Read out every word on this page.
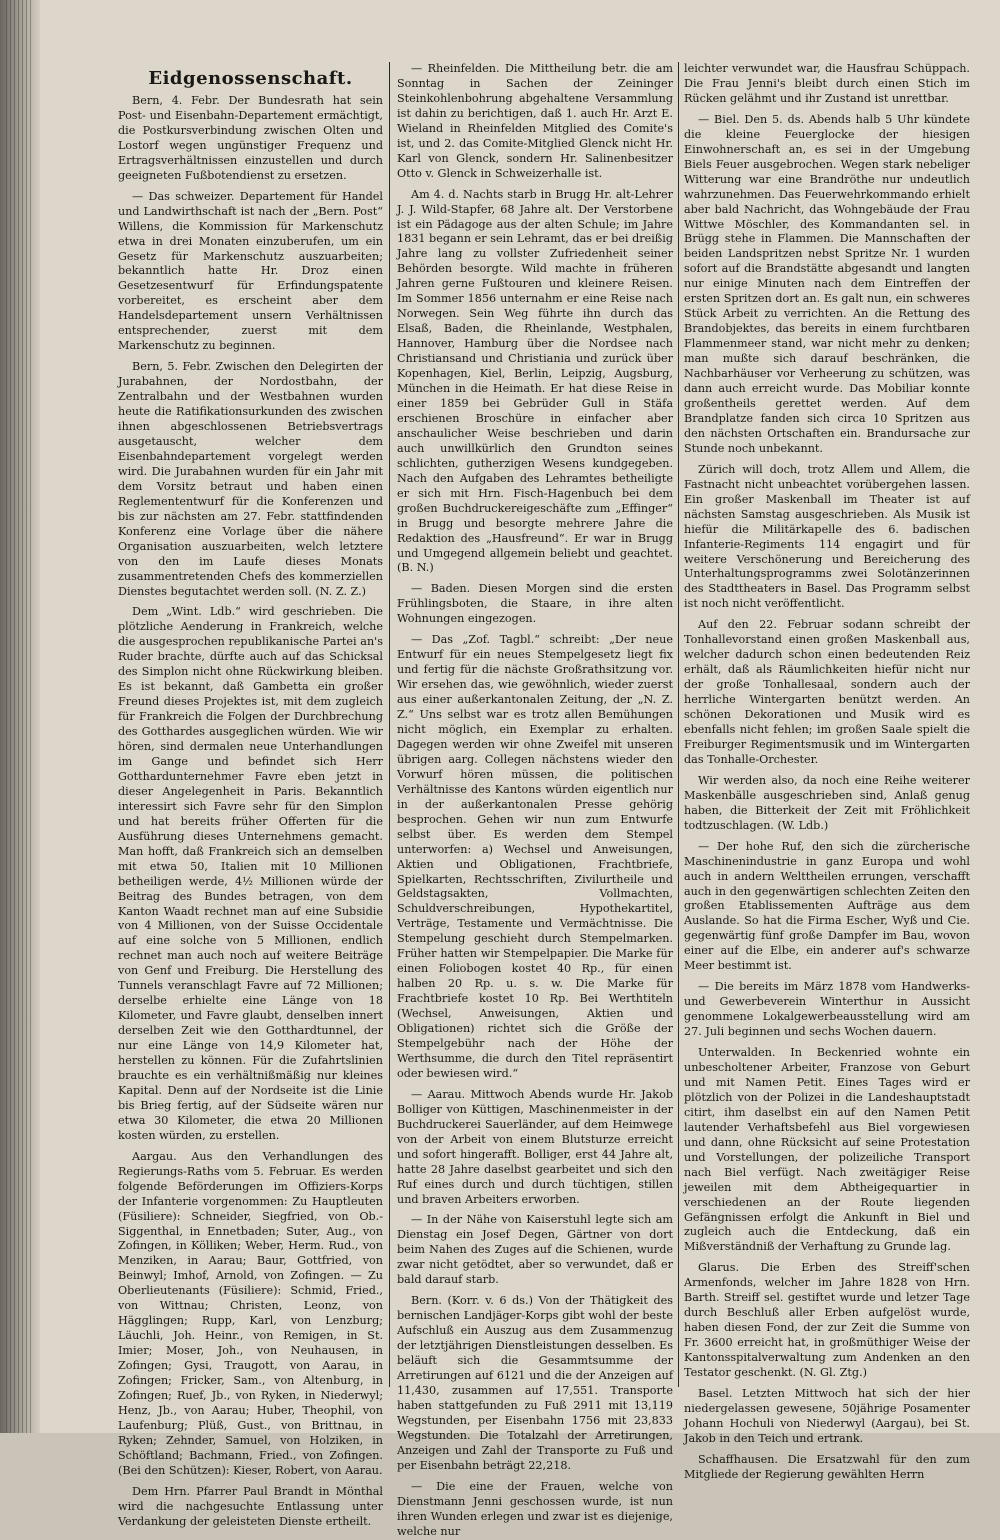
Eidgenossenschaft.

Bern, 4. Febr. Der Bundesrath hat sein Post- und Eisenbahn-Departement ermächtigt, die Postkursverbindung zwischen Olten und Lostorf wegen ungünstiger Frequenz und Ertragsverhältnissen einzustellen und durch geeigneten Fußbotendienst zu ersetzen.

— Das schweizer. Departement für Handel und Landwirthschaft ist nach der „Bern. Post“ Willens, die Kommission für Markenschutz etwa in drei Monaten einzuberufen, um ein Gesetz für Markenschutz auszuarbeiten; bekanntlich hatte Hr. Droz einen Gesetzesentwurf für Erfindungspatente vorbereitet, es erscheint aber dem Handelsdepartement unsern Verhältnissen entsprechender, zuerst mit dem Markenschutz zu beginnen.

Bern, 5. Febr. Zwischen den Delegirten der Jurabahnen, der Nordostbahn, der Zentralbahn und der Westbahnen wurden heute die Ratifikationsurkunden des zwischen ihnen abgeschlossenen Betriebsvertrags ausgetauscht, welcher dem Eisenbahndepartement vorgelegt werden wird. Die Jurabahnen wurden für ein Jahr mit dem Vorsitz betraut und haben einen Reglemententwurf für die Konferenzen und bis zur nächsten am 27. Febr. stattfindenden Konferenz eine Vorlage über die nähere Organisation auszuarbeiten, welch letztere von den im Laufe dieses Monats zusammentretenden Chefs des kommerziellen Dienstes begutachtet werden soll. (N. Z. Z.)

Dem „Wint. Ldb.“ wird geschrieben. Die plötzliche Aenderung in Frankreich, welche die ausgesprochen republikanische Partei an's Ruder brachte, dürfte auch auf das Schicksal des Simplon nicht ohne Rückwirkung bleiben. Es ist bekannt, daß Gambetta ein großer Freund dieses Projektes ist, mit dem zugleich für Frankreich die Folgen der Durchbrechung des Gotthardes ausgeglichen würden. Wie wir hören, sind dermalen neue Unterhandlungen im Gange und befindet sich Herr Gotthardunternehmer Favre eben jetzt in dieser Angelegenheit in Paris. Bekanntlich interessirt sich Favre sehr für den Simplon und hat bereits früher Offerten für die Ausführung dieses Unternehmens gemacht. Man hofft, daß Frankreich sich an demselben mit etwa 50, Italien mit 10 Millionen betheiligen werde, 4½ Millionen würde der Beitrag des Bundes betragen, von dem Kanton Waadt rechnet man auf eine Subsidie von 4 Millionen, von der Suisse Occidentale auf eine solche von 5 Millionen, endlich rechnet man auch noch auf weitere Beiträge von Genf und Freiburg. Die Herstellung des Tunnels veranschlagt Favre auf 72 Millionen; derselbe erhielte eine Länge von 18 Kilometer, und Favre glaubt, denselben innert derselben Zeit wie den Gotthardtunnel, der nur eine Länge von 14,9 Kilometer hat, herstellen zu können. Für die Zufahrtslinien brauchte es ein verhältnißmäßig nur kleines Kapital. Denn auf der Nordseite ist die Linie bis Brieg fertig, auf der Südseite wären nur etwa 30 Kilometer, die etwa 20 Millionen kosten würden, zu erstellen.

Aargau. Aus den Verhandlungen des Regierungs-Raths vom 5. Februar. Es werden folgende Beförderungen im Offiziers-Korps der Infanterie vorgenommen: Zu Hauptleuten (Füsiliere): Schneider, Siegfried, von Ob.-Siggenthal, in Ennetbaden; Suter, Aug., von Zofingen, in Kölliken; Weber, Herm. Rud., von Menziken, in Aarau; Baur, Gottfried, von Beinwyl; Imhof, Arnold, von Zofingen. — Zu Oberlieutenants (Füsiliere): Schmid, Fried., von Wittnau; Christen, Leonz, von Hägglingen; Rupp, Karl, von Lenzburg; Läuchli, Joh. Heinr., von Remigen, in St. Imier; Moser, Joh., von Neuhausen, in Zofingen; Gysi, Traugott, von Aarau, in Zofingen; Fricker, Sam., von Altenburg, in Zofingen; Ruef, Jb., von Ryken, in Niederwyl; Henz, Jb., von Aarau; Huber, Theophil, von Laufenburg; Plüß, Gust., von Brittnau, in Ryken; Zehnder, Samuel, von Holziken, in Schöftland; Bachmann, Fried., von Zofingen. (Bei den Schützen): Kieser, Robert, von Aarau.

Dem Hrn. Pfarrer Paul Brandt in Mönthal wird die nachgesuchte Entlassung unter Verdankung der geleisteten Dienste ertheilt.

— Rheinfelden. Die Mittheilung betr. die am Sonntag in Sachen der Zeininger Steinkohlenbohrung abgehaltene Versammlung ist dahin zu berichtigen, daß 1. auch Hr. Arzt E. Wieland in Rheinfelden Mitglied des Comite's ist, und 2. das Comite-Mitglied Glenck nicht Hr. Karl von Glenck, sondern Hr. Salinenbesitzer Otto v. Glenck in Schweizerhalle ist.

Am 4. d. Nachts starb in Brugg Hr. alt-Lehrer J. J. Wild-Stapfer, 68 Jahre alt. Der Verstorbene ist ein Pädagoge aus der alten Schule; im Jahre 1831 begann er sein Lehramt, das er bei dreißig Jahre lang zu vollster Zufriedenheit seiner Behörden besorgte. Wild machte in früheren Jahren gerne Fußtouren und kleinere Reisen. Im Sommer 1856 unternahm er eine Reise nach Norwegen. Sein Weg führte ihn durch das Elsaß, Baden, die Rheinlande, Westphalen, Hannover, Hamburg über die Nordsee nach Christiansand und Christiania und zurück über Kopenhagen, Kiel, Berlin, Leipzig, Augsburg, München in die Heimath. Er hat diese Reise in einer 1859 bei Gebrüder Gull in Stäfa erschienen Broschüre in einfacher aber anschaulicher Weise beschrieben und darin auch unwillkürlich den Grundton seines schlichten, gutherzigen Wesens kundgegeben. Nach den Aufgaben des Lehramtes betheiligte er sich mit Hrn. Fisch-Hagenbuch bei dem großen Buchdruckereigeschäfte zum „Effinger“ in Brugg und besorgte mehrere Jahre die Redaktion des „Hausfreund“. Er war in Brugg und Umgegend allgemein beliebt und geachtet. (B. N.)

— Baden. Diesen Morgen sind die ersten Frühlingsboten, die Staare, in ihre alten Wohnungen eingezogen.

— Das „Zof. Tagbl.“ schreibt: „Der neue Entwurf für ein neues Stempelgesetz liegt fix und fertig für die nächste Großrathsitzung vor. Wir ersehen das, wie gewöhnlich, wieder zuerst aus einer außerkantonalen Zeitung, der „N. Z. Z.“ Uns selbst war es trotz allen Bemühungen nicht möglich, ein Exemplar zu erhalten. Dagegen werden wir ohne Zweifel mit unseren übrigen aarg. Collegen nächstens wieder den Vorwurf hören müssen, die politischen Verhältnisse des Kantons würden eigentlich nur in der außerkantonalen Presse gehörig besprochen. Gehen wir nun zum Entwurfe selbst über. Es werden dem Stempel unterworfen: a) Wechsel und Anweisungen, Aktien und Obligationen, Frachtbriefe, Spielkarten, Rechtsschriften, Zivilurtheile und Geldstagsakten, Vollmachten, Schuldverschreibungen, Hypothekartitel, Verträge, Testamente und Vermächtnisse. Die Stempelung geschieht durch Stempelmarken. Früher hatten wir Stempelpapier. Die Marke für einen Foliobogen kostet 40 Rp., für einen halben 20 Rp. u. s. w. Die Marke für Frachtbriefe kostet 10 Rp. Bei Werthtiteln (Wechsel, Anweisungen, Aktien und Obligationen) richtet sich die Größe der Stempelgebühr nach der Höhe der Werthsumme, die durch den Titel repräsentirt oder bewiesen wird.“

— Aarau. Mittwoch Abends wurde Hr. Jakob Bolliger von Küttigen, Maschinenmeister in der Buchdruckerei Sauerländer, auf dem Heimwege von der Arbeit von einem Blutsturze erreicht und sofort hingerafft. Bolliger, erst 44 Jahre alt, hatte 28 Jahre daselbst gearbeitet und sich den Ruf eines durch und durch tüchtigen, stillen und braven Arbeiters erworben.

— In der Nähe von Kaiserstuhl legte sich am Dienstag ein Josef Degen, Gärtner von dort beim Nahen des Zuges auf die Schienen, wurde zwar nicht getödtet, aber so verwundet, daß er bald darauf starb.

Bern. (Korr. v. 6 ds.) Von der Thätigkeit des bernischen Landjäger-Korps gibt wohl der beste Aufschluß ein Auszug aus dem Zusammenzug der letztjährigen Dienstleistungen desselben. Es beläuft sich die Gesammtsumme der Arretirungen auf 6121 und die der Anzeigen auf 11,430, zusammen auf 17,551. Transporte haben stattgefunden zu Fuß 2911 mit 13,119 Wegstunden, per Eisenbahn 1756 mit 23,833 Wegstunden. Die Totalzahl der Arretirungen, Anzeigen und Zahl der Transporte zu Fuß und per Eisenbahn beträgt 22,218.

— Die eine der Frauen, welche von Dienstmann Jenni geschossen wurde, ist nun ihren Wunden erlegen und zwar ist es diejenige, welche nur

leichter verwundet war, die Hausfrau Schüppach. Die Frau Jenni's bleibt durch einen Stich im Rücken gelähmt und ihr Zustand ist unrettbar.

— Biel. Den 5. ds. Abends halb 5 Uhr kündete die kleine Feuerglocke der hiesigen Einwohnerschaft an, es sei in der Umgebung Biels Feuer ausgebrochen. Wegen stark nebeliger Witterung war eine Brandröthe nur undeutlich wahrzunehmen. Das Feuerwehrkommando erhielt aber bald Nachricht, das Wohngebäude der Frau Wittwe Möschler, des Kommandanten sel. in Brügg stehe in Flammen. Die Mannschaften der beiden Landspritzen nebst Spritze Nr. 1 wurden sofort auf die Brandstätte abgesandt und langten nur einige Minuten nach dem Eintreffen der ersten Spritzen dort an. Es galt nun, ein schweres Stück Arbeit zu verrichten. An die Rettung des Brandobjektes, das bereits in einem furchtbaren Flammenmeer stand, war nicht mehr zu denken; man mußte sich darauf beschränken, die Nachbarhäuser vor Verheerung zu schützen, was dann auch erreicht wurde. Das Mobiliar konnte großentheils gerettet werden. Auf dem Brandplatze fanden sich circa 10 Spritzen aus den nächsten Ortschaften ein. Brandursache zur Stunde noch unbekannt.

Zürich will doch, trotz Allem und Allem, die Fastnacht nicht unbeachtet vorübergehen lassen. Ein großer Maskenball im Theater ist auf nächsten Samstag ausgeschrieben. Als Musik ist hiefür die Militärkapelle des 6. badischen Infanterie-Regiments 114 engagirt und für weitere Verschönerung und Bereicherung des Unterhaltungsprogramms zwei Solotänzerinnen des Stadttheaters in Basel. Das Programm selbst ist noch nicht veröffentlicht.

Auf den 22. Februar sodann schreibt der Tonhallevorstand einen großen Maskenball aus, welcher dadurch schon einen bedeutenden Reiz erhält, daß als Räumlichkeiten hiefür nicht nur der große Tonhallesaal, sondern auch der herrliche Wintergarten benützt werden. An schönen Dekorationen und Musik wird es ebenfalls nicht fehlen; im großen Saale spielt die Freiburger Regimentsmusik und im Wintergarten das Tonhalle-Orchester.

Wir werden also, da noch eine Reihe weiterer Maskenbälle ausgeschrieben sind, Anlaß genug haben, die Bitterkeit der Zeit mit Fröhlichkeit todtzuschlagen. (W. Ldb.)

— Der hohe Ruf, den sich die zürcherische Maschinenindustrie in ganz Europa und wohl auch in andern Welttheilen errungen, verschafft auch in den gegenwärtigen schlechten Zeiten den großen Etablissementen Aufträge aus dem Auslande. So hat die Firma Escher, Wyß und Cie. gegenwärtig fünf große Dampfer im Bau, wovon einer auf die Elbe, ein anderer auf's schwarze Meer bestimmt ist.

— Die bereits im März 1878 vom Handwerks- und Gewerbeverein Winterthur in Aussicht genommene Lokalgewerbeausstellung wird am 27. Juli beginnen und sechs Wochen dauern.

Unterwalden. In Beckenried wohnte ein unbescholtener Arbeiter, Franzose von Geburt und mit Namen Petit. Eines Tages wird er plötzlich von der Polizei in die Landeshauptstadt citirt, ihm daselbst ein auf den Namen Petit lautender Verhaftsbefehl aus Biel vorgewiesen und dann, ohne Rücksicht auf seine Protestation und Vorstellungen, der polizeiliche Transport nach Biel verfügt. Nach zweitägiger Reise jeweilen mit dem Abtheigequartier in verschiedenen an der Route liegenden Gefängnissen erfolgt die Ankunft in Biel und zugleich auch die Entdeckung, daß ein Mißverständniß der Verhaftung zu Grunde lag.

Glarus. Die Erben des Streiff'schen Armenfonds, welcher im Jahre 1828 von Hrn. Barth. Streiff sel. gestiftet wurde und letzer Tage durch Beschluß aller Erben aufgelöst wurde, haben diesen Fond, der zur Zeit die Summe von Fr. 3600 erreicht hat, in großmüthiger Weise der Kantonsspitalverwaltung zum Andenken an den Testator geschenkt. (N. Gl. Ztg.)

Basel. Letzten Mittwoch hat sich der hier niedergelassen gewesene, 50jährige Posamenter Johann Hochuli von Niederwyl (Aargau), bei St. Jakob in den Teich und ertrank.

Schaffhausen. Die Ersatzwahl für den zum Mitgliede der Regierung gewählten Herrn
